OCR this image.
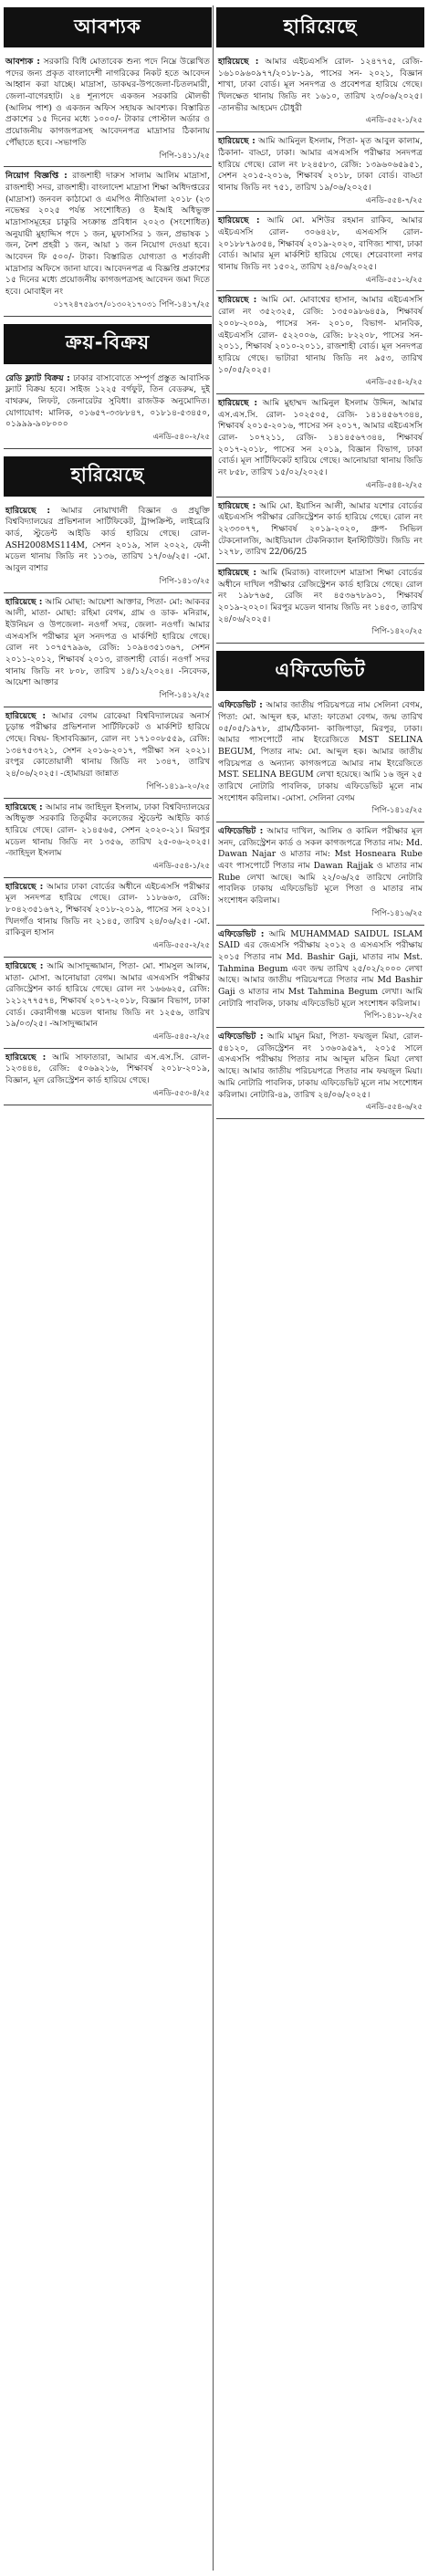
আবশ্যক
আবশ্যক : সরকারি বিধি মোতাবেক শুন্য পদে নিম্নে উল্লেখিত পদের জন্য প্রকৃত বাংলাদেশী নাগরিকের নিকট হতে আবেদন আহ্বান করা যাচ্ছে। মাদ্রাসা, ডাকঘর-উপজেলা-চিতলমারী, জেলা-বাগেরহাট। ২৪ শূন্যপদে একজন সরকারি মৌলভী (আলিম পাশ) ও একজন অফিস সহায়ক আবশ্যক। বিস্তারিত প্রকাশের ১৫ দিনের মধ্যে ১০০০/- টাকার পোস্টাল অর্ডার ও প্রয়োজনীয় কাগজপত্রসহ আবেদনপত্র মাদ্রাসার ঠিকানায় পৌঁছাতে হবে। -সভাপতি
পিপি-১৪১১/২৫
নিয়োগ বিজ্ঞপ্তি : রাজশাহী দারুস সালাম আলিম মাদ্রাসা, রাজশাহী সদর, রাজশাহী। বাংলাদেশ মাদ্রাসা শিক্ষা অধিদপ্তরের (মাদ্রাসা) জনবল কাঠামো ও এমপিও নীতিমালা ২০১৮ (২৩ নভেম্বর ২০২৫ পর্যন্ত সংশোধিত) ও ইআই অধিভুক্ত মাদ্রাসাসমূহের চাকুরি সংক্রান্ত প্রবিধান ২০২৩ (সংশোধিত) অনুযায়ী মুহাদ্দিস পদে ১ জন, মুফাসসির ১ জন, প্রভাষক ১ জন, নৈশ প্রহরী ১ জন, আয়া ১ জন নিয়োগ দেওয়া হবে। আবেদন ফি ৫০০/- টাকা। বিস্তারিত যোগ্যতা ও শর্তাবলী মাদ্রাসার অফিসে জানা যাবে। আবেদনপত্র এ বিজ্ঞপ্তি প্রকাশের ১৫ দিনের মধ্যে প্রয়োজনীয় কাগজপত্রসহ আবেদন জমা দিতে হবে। মোবাইল নং
০১৭২৪৭৫৯৩৭/০১৩০২১৭০৩১ পিপি-১৪১৭/২৫
ক্রয়-বিক্রয়
রেডি ফ্ল্যাট বিক্রয় : ঢাকার বাসাবোতে সম্পূর্ণ প্রস্তুত আবাসিক ফ্ল্যাট বিক্রয় হবে। সাইজ ১২২৫ বর্গফুট, তিন বেডরুম, দুই বাথরুম, লিফট, জেনারেটর সুবিধা। রাজউক অনুমোদিত। যোগাযোগ: মালিক, ০১৬৫৭-৩৩৮৮৪৭, ০১৮১৪-৫৩৪৫০, ০১৯৯৯-৯০৮০০০
এনডি-৫৪০-২/২৫
হারিয়েছে
হারিয়েছে : আমার নোয়াখালী বিজ্ঞান ও প্রযুক্তি বিশ্ববিদ্যালয়ের প্রভিশনাল সার্টিফিকেট, ট্রান্সক্রিপ্ট, লাইব্রেরি কার্ড, স্টুডেন্ট আইডি কার্ড হারিয়ে গেছে। রোল- ASH2008MS114M, সেশন ২০১৯, সাল ২০২২, ফেনী মডেল থানায় জিডি নং ১১৩৬, তারিখ ১৭/০৬/২৫। -মো. আবুল বাশার
পিপি-১৪১৩/২৫
হারিয়েছে : আমি মোছা: আয়েশা আক্তার, পিতা- মো: আকবর আলী, মাতা- মোছা: রহিমা বেগম, গ্রাম ও ডাক- মনিরাম, ইউনিয়ন ও উপজেলা- নওগাঁ সদর, জেলা- নওগাঁ। আমার এসএসসি পরীক্ষার মূল সনদপত্র ও মার্কশিট হারিয়ে গেছে। রোল নং ১০৭৫৭৯৯৬, রেজি: ১০৯৪৩৫১৩৬৭, সেশন ২০১১-২০১২, শিক্ষাবর্ষ ২০১৩, রাজশাহী বোর্ড। নওগাঁ সদর থানায় জিডি নং ৮০৮, তারিখ ১৪/১২/২০২৪। -নিবেদক, আয়েশা আক্তার
পিপি-১৪১২/২৫
হারিয়েছে : আমার বেগম রোকেয়া বিশ্ববিদ্যালয়ের অনার্স চূড়ান্ত পরীক্ষার প্রভিশনাল সার্টিফিকেট ও মার্কশিট হারিয়ে গেছে। বিষয়- হিসাববিজ্ঞান, রোল নং ১৭১০০৮৫৫৯, রেজি: ১৩৪৭৫৩৭২১, সেশন ২০১৬-২০১৭, পরীক্ষা সন ২০২১। রংপুর কোতোয়ালী থানায় জিডি নং ১৩৪৭, তারিখ ২৪/০৬/২০২৫। -হোমায়রা জান্নাত
পিপি-১৪১৯-২০/২৫
হারিয়েছে : আমার নাম জাহিদুল ইসলাম, ঢাকা বিশ্ববিদ্যালয়ের অধিভুক্ত সরকারি তিতুমীর কলেজের স্টুডেন্ট আইডি কার্ড হারিয়ে গেছে। রোল- ২১৪৫৬৫, সেশন ২০২০-২১। মিরপুর মডেল থানায় জিডি নং ১৩৫৬, তারিখ ২৫-০৬-২০২৫। -জাহিদুল ইসলাম
এনডি-৫৫৪-১/২৫
হারিয়েছে : আমার ঢাকা বোর্ডের অধীনে এইচএসসি পরীক্ষার মূল সনদপত্র হারিয়ে গেছে। রোল- ১১৮৬৬৩, রেজি: ৮০৪২৩৫১৬৭২, শিক্ষাবর্ষ ২০১৮-২০১৯, পাসের সন ২০২১। খিলগাঁও থানায় জিডি নং ২১৪৫, তারিখ ২৪/০৬/২৫। -মো. রাকিবুল হাসান
এনডি-৫৫৫-২/২৫
হারিয়েছে : আমি আসাদুজ্জামান, পিতা- মো. শামসুল আলম, মাতা- মোসা. আনোয়ারা বেগম। আমার এসএসসি পরীক্ষার রেজিস্ট্রেশন কার্ড হারিয়ে গেছে। রোল নং ১৬৬৬২৫, রেজি: ১২১২৭৭৫৭৪, শিক্ষাবর্ষ ২০১৭-২০১৮, বিজ্ঞান বিভাগ, ঢাকা বোর্ড। কেরানীগঞ্জ মডেল থানায় জিডি নং ১২৫৬, তারিখ ১৯/০৩/২৫। -আসাদুজ্জামান
এনডি-৫৪৫-২/২৫
হারিয়েছে : আমি সাফাতারা, আমার এস.এস.সি. রোল- ১২৩৪৪৪, রেজি: ৫০৬৯২১৬, শিক্ষাবর্ষ ২০১৮-২০১৯, বিজ্ঞান, মূল রেজিস্ট্রেশন কার্ড হারিয়ে গেছে।
এনডি-৫৫৩-৪/২৫
হারিয়েছে
হারিয়েছে : আমার এইচএসসি রোল- ১২৪৭৭৫, রেজি- ১৬১০৯৬০৯৭৭/২০১৮-১৯, পাসের সন- ২০২১, বিজ্ঞান শাখা, ঢাকা বোর্ড। মূল সনদপত্র ও প্রবেশপত্র হারিয়ে গেছে। খিলক্ষেত থানায় জিডি নং ১৬১০, তারিখ ২৩/০৬/২০২৫। -তানভীর আহমেদ চৌধুরী
এনডি-৫৫২-১/২৫
হারিয়েছে : আমি আমিনুল ইসলাম, পিতা- মৃত আবুল কালাম, ঠিকানা- বাড্ডা, ঢাকা। আমার এসএসসি পরীক্ষার সনদপত্র হারিয়ে গেছে। রোল নং ৮২৪৫৮৩, রেজি: ১৩৯৬০৬৫৯৫১, সেশন ২০১৫-২০১৬, শিক্ষাবর্ষ ২০১৮, ঢাকা বোর্ড। বাড্ডা থানায় জিডি নং ৭৫১, তারিখ ১৯/০৬/২০২৫।
এনডি-৫৫৪-৭/২৫
হারিয়েছে : আমি মো. মশিউর রহমান রাকিব, আমার এইচএসসি রোল- ৩০৬৪২৮, এসএসসি রোল- ২০১৮৮৭৯৩৫৪, শিক্ষাবর্ষ ২০১৯-২০২০, বাণিজ্য শাখা, ঢাকা বোর্ড। আমার মূল মার্কশিট হারিয়ে গেছে। শেরেবাংলা নগর থানায় জিডি নং ১৫০২, তারিখ ২৪/০৬/২০২৫।
এনডি-৫৫১-২/২৫
হারিয়েছে : আমি মো. মোবাশ্বের হাসান, আমার এইচএসসি রোল নং ৩৫২৩২৫, রেজি: ১৩৫০৯৮৬৪৫৯, শিক্ষাবর্ষ ২০০৮-২০০৯, পাসের সন- ২০১০, বিভাগ- মানবিক, এইচএসসি রোল- ৫২২০০৬, রেজি: ৮২২০৮, পাসের সন- ২০১১, শিক্ষাবর্ষ ২০১০-২০১১, রাজশাহী বোর্ড। মূল সনদপত্র হারিয়ে গেছে। ভাটারা থানায় জিডি নং ৯৫৩, তারিখ ১০/০৫/২০২৫।
এনডি-৫৫৪-২/২৫
হারিয়েছে : আমি মুহাম্মদ আমিনুল ইসলাম উদ্দিন, আমার এস.এস.সি. রোল- ১০২৫০৫, রেজি- ১৪১৪৫৬৭৩৪৪, শিক্ষাবর্ষ ২০১৫-২০১৬, পাসের সন ২০১৭, আমার এইচএসসি রোল- ১০৭২১১, রেজি- ১৪১৪৫৬৭৩৪৪, শিক্ষাবর্ষ ২০১৭-২০১৮, পাসের সন ২০১৯, বিজ্ঞান বিভাগ, ঢাকা বোর্ড। মূল সার্টিফিকেট হারিয়ে গেছে। আনোয়ারা থানায় জিডি নং ৮৫৮, তারিখ ১৫/০২/২০২৫।
এনডি-৫৪৪-২/২৫
হারিয়েছে : আমি মো. ইয়াসিন আলী, আমার যশোর বোর্ডের এইচএসসি পরীক্ষার রেজিস্ট্রেশন কার্ড হারিয়ে গেছে। রোল নং ২২৩৩০৭৭, শিক্ষাবর্ষ ২০১৯-২০২০, গ্রুপ- সিভিল টেকনোলজি, আইডিয়াল টেকনিক্যাল ইনস্টিটিউট। জিডি নং ১২৭৮, তারিখ 22/06/25
হারিয়েছে : আমি (মিরাজ) বাংলাদেশ মাদ্রাসা শিক্ষা বোর্ডের অধীনে দাখিল পরীক্ষার রেজিস্ট্রেশন কার্ড হারিয়ে গেছে। রোল নং ১৯৮৭৬৫, রেজি নং ৪৫৩৬৭৮৯০১, শিক্ষাবর্ষ ২০১৯-২০২০। মিরপুর মডেল থানায় জিডি নং ১৪৫৩, তারিখ ২৪/০৬/২০২৫।
পিপি-১৪২০/২৫
এফিডেভিট
এফিডেভিট : আমার জাতীয় পরিচয়পত্রে নাম সেলিনা বেগম, পিতা: মো. আব্দুল হক, মাতা: ফাতেমা বেগম, জন্ম তারিখ ০৫/০৫/১৯৭৮, গ্রাম/ঠিকানা- কাজিপাড়া, মিরপুর, ঢাকা। আমার পাসপোর্টে নাম ইংরেজিতে MST SELINA BEGUM, পিতার নাম: মো. আব্দুল হক। আমার জাতীয় পরিচয়পত্র ও অন্যান্য কাগজপত্রে আমার নাম ইংরেজিতে MST. SELINA BEGUM লেখা হয়েছে। আমি ১৬ জুন ২৫ তারিখে নোটারি পাবলিক, ঢাকায় এফিডেভিট মূলে নাম সংশোধন করিলাম। -মোসা. সেলিনা বেগম
পিপি-১৪১৫/২৫
এফিডেভিট : আমার দাখিল, আলিম ও কামিল পরীক্ষার মূল সনদ, রেজিস্ট্রেশন কার্ড ও সকল কাগজপত্রে পিতার নাম: Md. Dawan Najar ও মাতার নাম: Mst Hosneara Rube এবং পাসপোর্টে পিতার নাম Dawan Rajjak ও মাতার নাম Rube লেখা আছে। আমি ২২/০৬/২৫ তারিখে নোটারি পাবলিক ঢাকায় এফিডেভিট মূলে পিতা ও মাতার নাম সংশোধন করিলাম।
পিপি-১৪১৬/২৫
এফিডেভিট : আমি MUHAMMAD SAIDUL ISLAM SAID এর জেএসসি পরীক্ষায় ২০১২ ও এসএসসি পরীক্ষায় ২০১৫ পিতার নাম Md. Bashir Gaji, মাতার নাম Mst. Tahmina Begum এবং জন্ম তারিখ ২৫/০২/২০০০ লেখা আছে। আমার জাতীয় পরিচয়পত্রে পিতার নাম Md Bashir Gaji ও মাতার নাম Mst Tahmina Begum লেখা। আমি নোটারি পাবলিক, ঢাকায় এফিডেভিট মূলে সংশোধন করিলাম।
পিপি-১৪১৮-২/২৫
এফিডেভিট : আমি মামুন মিয়া, পিতা- ফয়জুল মিয়া, রোল- ৫৪১২০, রেজিস্ট্রেশন নং ১৩৬০৯৫৯৭, ২০১৫ সালে এসএসসি পরীক্ষায় পিতার নাম আব্দুল মতিন মিয়া লেখা আছে। আমার জাতীয় পরিচয়পত্রে পিতার নাম ফয়জুল মিয়া। আমি নোটারি পাবলিক, ঢাকায় এফিডেভিট মূলে নাম সংশোধন করিলাম। নোটারি-৪৯, তারিখ ২৪/০৬/২০২৫।
এনডি-৫৫৪-৬/২৫
